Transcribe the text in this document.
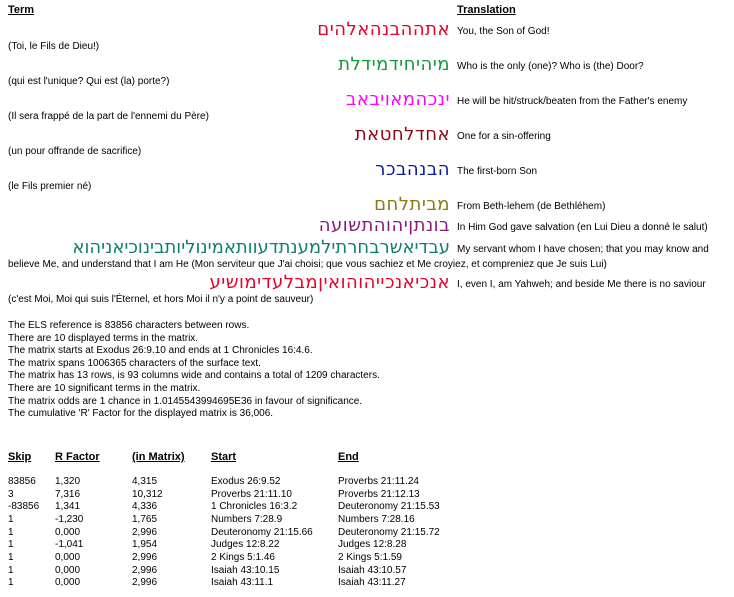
Term	Translation
אתההבנהאלהים You, the Son of God!
(Toi, le Fils de Dieu!)
מיהיחידמידלת Who is the only (one)? Who is (the) Door?
(qui est l'unique? Qui est (la) porte?)
ינכהמאויבאב He will be hit/struck/beaten from the Father's enemy
(Il sera frappé de la part de l'ennemi du Père)
אחדלחטאת One for a sin-offering
(un pour offrande de sacrifice)
הבנהבכר The first-born Son
(le Fils premier né)
מביתלחם From Beth-lehem (de Bethléhem)
בונתןיהוהתשועה In Him God gave salvation (en Lui Dieu a donné le salut)
עבדיאשרבחרתילמענתדעוותאמינוליותבינוכיאניהוא My servant whom I have chosen; that you may know and
believe Me, and understand that I am He (Mon serviteur que J'ai choisi; que vous sachiez et Me croyiez, et compreniez que Je suis Lui)
אנכיאנכייהוהואיןמבלעדימושיע I, even I, am Yahweh; and beside Me there is no saviour
(c'est Moi, Moi qui suis l'Éternel, et hors Moi il n'y a point de sauveur)
The ELS reference is 83856 characters between rows.
There are 10 displayed terms in the matrix.
The matrix starts at Exodus 26:9.10 and ends at 1 Chronicles 16:4.6.
The matrix spans 1006365 characters of the surface text.
The matrix has 13 rows, is 93 columns wide and contains a total of 1209 characters.
There are 10 significant terms in the matrix.
The matrix odds are 1 chance in 1.0145543994695E36 in favour of significance.
The cumulative 'R' Factor for the displayed matrix is 36,006.
Skip	R Factor	(in Matrix)	Start	End

83856	1,320	4,315	Exodus 26:9.52	Proverbs 21:11.24
3	7,316	10,312	Proverbs 21:11.10	Proverbs 21:12.13
-83856	1,341	4,336	1 Chronicles 16:3.2	Deuteronomy 21:15.53
1	-1,230	1,765	Numbers 7:28.9	Numbers 7:28.16
1	0,000	2,996	Deuteronomy 21:15.66	Deuteronomy 21:15.72
1	-1,041	1,954	Judges 12:8.22	Judges 12:8.28
1	0,000	2,996	2 Kings 5:1.46	2 Kings 5:1.59
1	0,000	2,996	Isaiah 43:10.15	Isaiah 43:10.57
1	0,000	2,996	Isaiah 43:11.1	Isaiah 43:11.27
